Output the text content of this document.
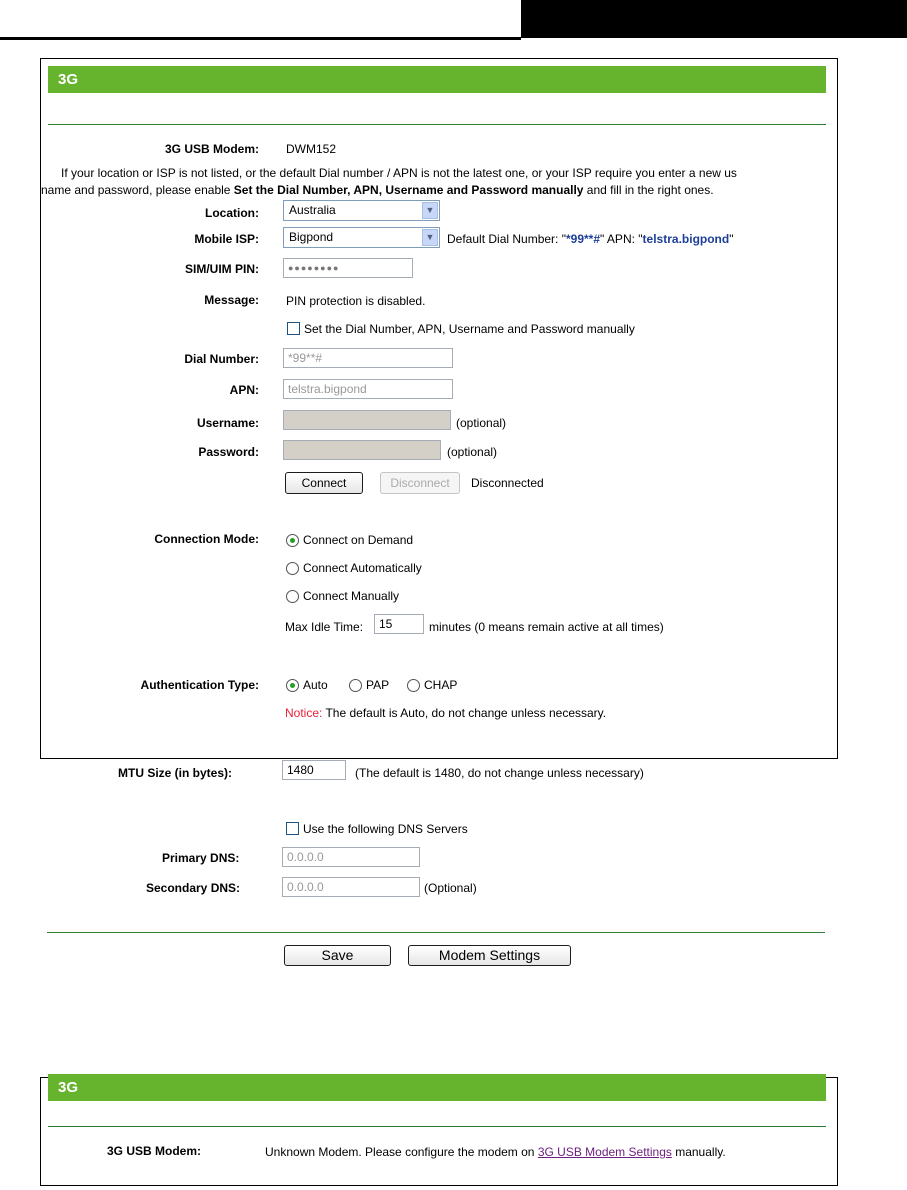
3G
3G USB Modem: DWM152
If your location or ISP is not listed, or the default Dial number / APN is not the latest one, or your ISP require you enter a new us
name and password, please enable Set the Dial Number, APN, Username and Password manually and fill in the right ones.
Location:	Australia	▼
Mobile ISP:	Bigpond	▼ Default Dial Number: "*99**#" APN: "telstra.bigpond"
SIM/UIM PIN:	●●●●●●●●
Message: PIN protection is disabled.
Set the Dial Number, APN, Username and Password manually
Dial Number:	*99**#
APN:	telstra.bigpond
Username:	(optional)
Password:	(optional)
Connect	Disconnect	Disconnected
Connection Mode:	Connect on Demand
Connect Automatically
Connect Manually
Max Idle Time:	15	minutes (0 means remain active at all times)
Authentication Type:	Auto	PAP	CHAP
Notice: The default is Auto, do not change unless necessary.
MTU Size (in bytes):	1480	(The default is 1480, do not change unless necessary)
Use the following DNS Servers
Primary DNS:	0.0.0.0
Secondary DNS:	0.0.0.0	(Optional)
Save	Modem Settings
3G
3G USB Modem:	Unknown Modem. Please configure the modem on 3G USB Modem Settings manually.
